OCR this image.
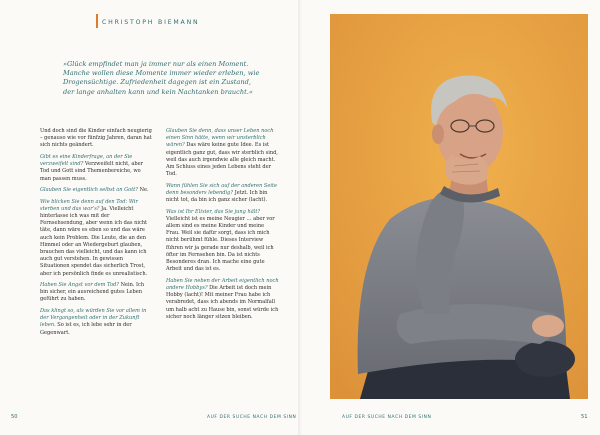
CHRISTOPH BIEMANN
»Glück empfindet man ja immer nur als einen Moment. Manche wollen diese Momente immer wieder erleben, wie Drogensüchtige. Zufriedenheit dagegen ist ein Zustand, der lange anhalten kann und kein Nachtanken braucht.«

Und doch sind die Kinder einfach neugierig – genauso wie vor fünfzig Jahren, daran hat sich nichts geändert.

Gibt es eine Kinderfrage, an der Sie verzweifelt sind? Verzweifelt nicht, aber Tod und Gott sind Themenbereiche, wo man passen muss.

Glauben Sie eigentlich selbst an Gott? Ne.

Wie blicken Sie denn auf den Tod: Wir sterben und das war’s? Ja. Vielleicht hinterlasse ich was mit der Fernsehsendung, aber wenn ich das nicht täte, dann wäre es eben so und das wäre auch kein Problem. Die Leute, die an den Himmel oder an Wiedergeburt glauben, brauchen das vielleicht, und das kann ich auch gut verstehen. In gewissen Situationen spendet das sicherlich Trost, aber ich persönlich finde es unrealistisch.

Haben Sie Angst vor dem Tod? Nein. Ich bin sicher, ein ausreichend gutes Leben geführt zu haben.

Das klingt so, als würden Sie vor allem in der Vergangenheit oder in der Zukunft leben. So ist es, ich lebe sehr in der Gegenwart.

Glauben Sie denn, dass unser Leben noch einen Sinn hätte, wenn wir unsterblich wären? Das wäre keine gute Idee. Es ist eigentlich ganz gut, dass wir sterblich sind, weil das auch irgendwie alle gleich macht. Am Schluss eines jeden Lebens steht der Tod.

Wann fühlen Sie sich auf der anderen Seite denn besonders lebendig? Jetzt. Ich bin nicht tot, da bin ich ganz sicher (lacht).

Was ist Ihr Elixier, das Sie jung hält? Vielleicht ist es meine Neugier … aber vor allem sind es meine Kinder und meine Frau. Weil sie dafür sorgt, dass ich mich nicht berühmt fühle. Dieses Interview führen wir ja gerade nur deshalb, weil ich öfter im Fernsehen bin. Da ist nichts Besonderes dran. Ich mache eine gute Arbeit und das ist es.

Haben Sie neben der Arbeit eigentlich noch andere Hobbys? Die Arbeit ist doch mein Hobby (lacht)! Mit meiner Frau habe ich verabredet, dass ich abends im Normalfall um halb acht zu Hause bin, sonst würde ich sicher noch länger sitzen bleiben.

50	AUF DER SUCHE NACH DEM SINN	AUF DER SUCHE NACH DEM SINN	51
